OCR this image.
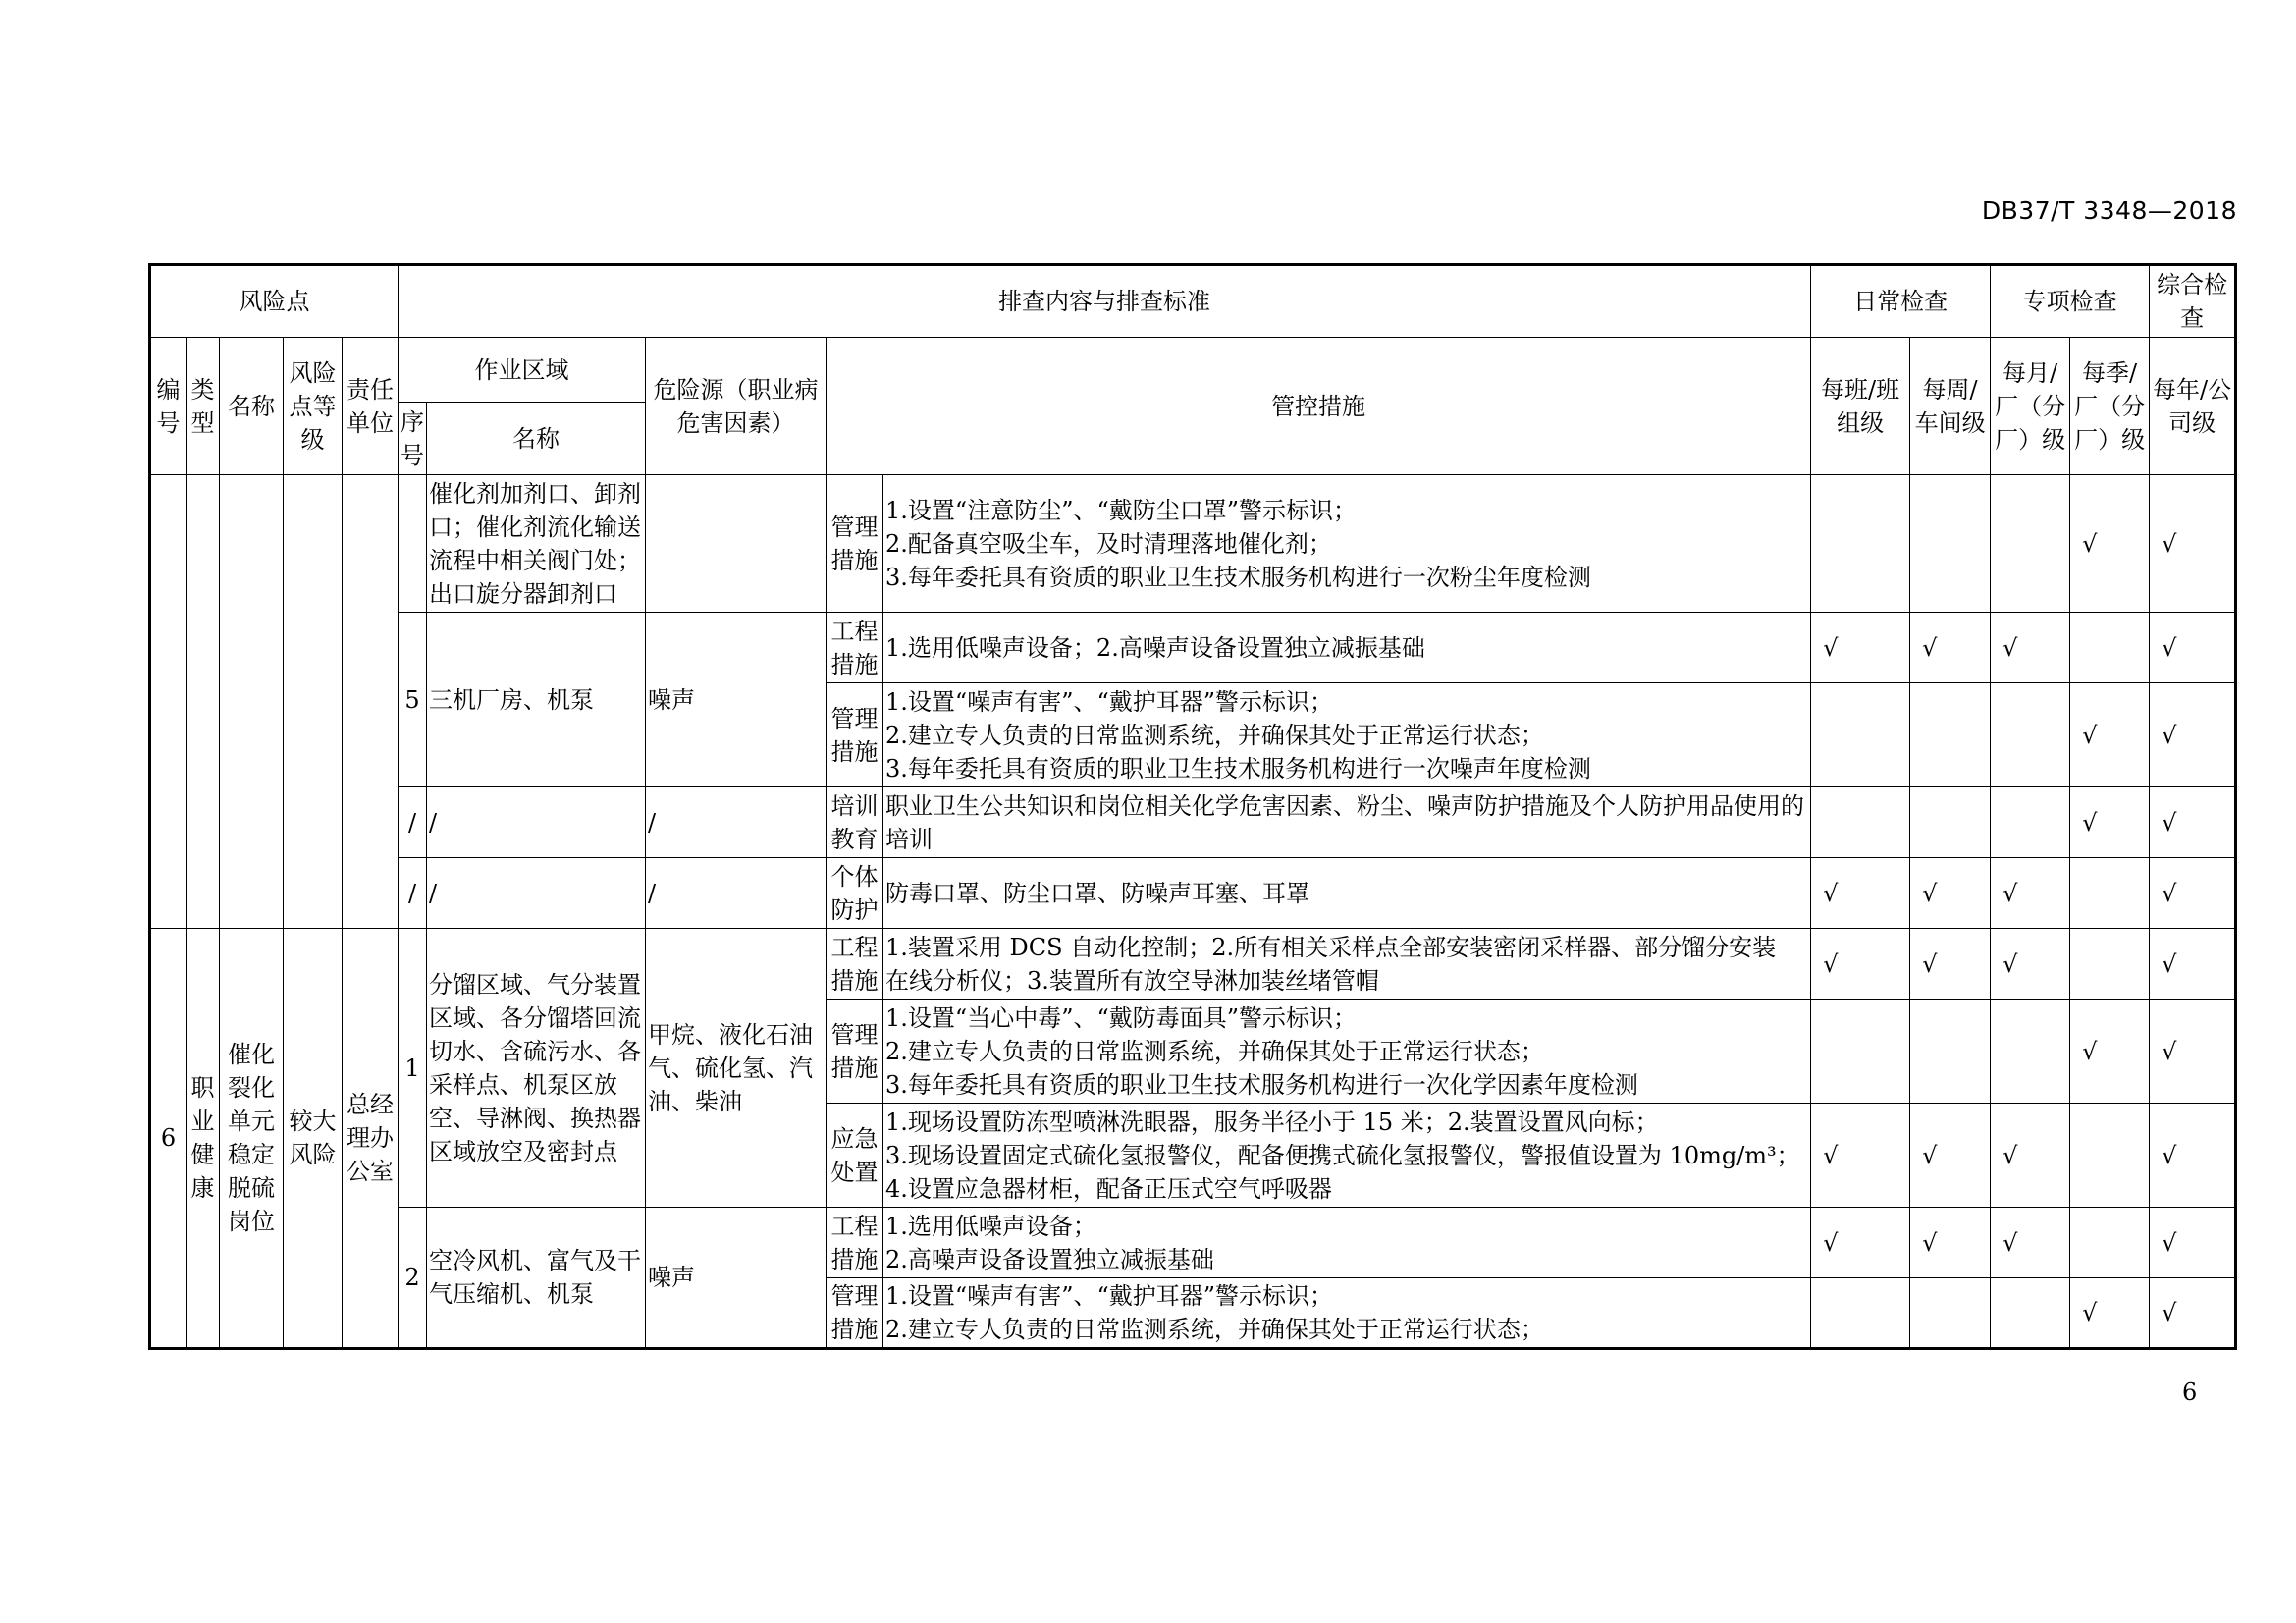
DB37/T 3348—2018
风险点					排查内容与排查标准					日常检查		专项检查		综合检查
编号	类型	名称	风险点等级	责任单位	作业区域		危险源（职业病危害因素）	管控措施		每班/班组级	每周/车间级	每月/厂（分厂）级	每季/厂（分厂）级	每年/公司级
					序号	名称								
						催化剂加剂口、卸剂口；催化剂流化输送流程中相关阀门处；出口旋分器卸剂口		管理措施	1.设置“注意防尘”、“戴防尘口罩”警示标识；
2.配备真空吸尘车，及时清理落地催化剂；
3.每年委托具有资质的职业卫生技术服务机构进行一次粉尘年度检测				√	√
					5	三机厂房、机泵	噪声	工程措施	1.选用低噪声设备；2.高噪声设备设置独立减振基础	√	√	√		√
								管理措施	1.设置“噪声有害”、“戴护耳器”警示标识；
2.建立专人负责的日常监测系统，并确保其处于正常运行状态；
3.每年委托具有资质的职业卫生技术服务机构进行一次噪声年度检测				√	√
					/	/	/	培训教育	职业卫生公共知识和岗位相关化学危害因素、粉尘、噪声防护措施及个人防护用品使用的培训				√	√
					/	/	/	个体防护	防毒口罩、防尘口罩、防噪声耳塞、耳罩	√	√	√		√
6	职业健康	催化裂化单元稳定脱硫岗位	较大风险	总经理办公室	1	分馏区域、气分装置区域、各分馏塔回流切水、含硫污水、各采样点、机泵区放空、导淋阀、换热器区域放空及密封点	甲烷、液化石油气、硫化氢、汽油、柴油	工程措施	1.装置采用 DCS 自动化控制；2.所有相关采样点全部安装密闭采样器、部分馏分安装
在线分析仪；3.装置所有放空导淋加装丝堵管帽	√	√	√		√
								管理措施	1.设置“当心中毒”、“戴防毒面具”警示标识；
2.建立专人负责的日常监测系统，并确保其处于正常运行状态；
3.每年委托具有资质的职业卫生技术服务机构进行一次化学因素年度检测				√	√
								应急处置	1.现场设置防冻型喷淋洗眼器，服务半径小于 15 米；2.装置设置风向标；
3.现场设置固定式硫化氢报警仪，配备便携式硫化氢报警仪，警报值设置为 10mg/m³；
4.设置应急器材柜，配备正压式空气呼吸器	√	√	√		√
					2	空冷风机、富气及干气压缩机、机泵	噪声	工程措施	1.选用低噪声设备；
2.高噪声设备设置独立减振基础	√	√	√		√
								管理措施	1.设置“噪声有害”、“戴护耳器”警示标识；
2.建立专人负责的日常监测系统，并确保其处于正常运行状态；				√	√
6
